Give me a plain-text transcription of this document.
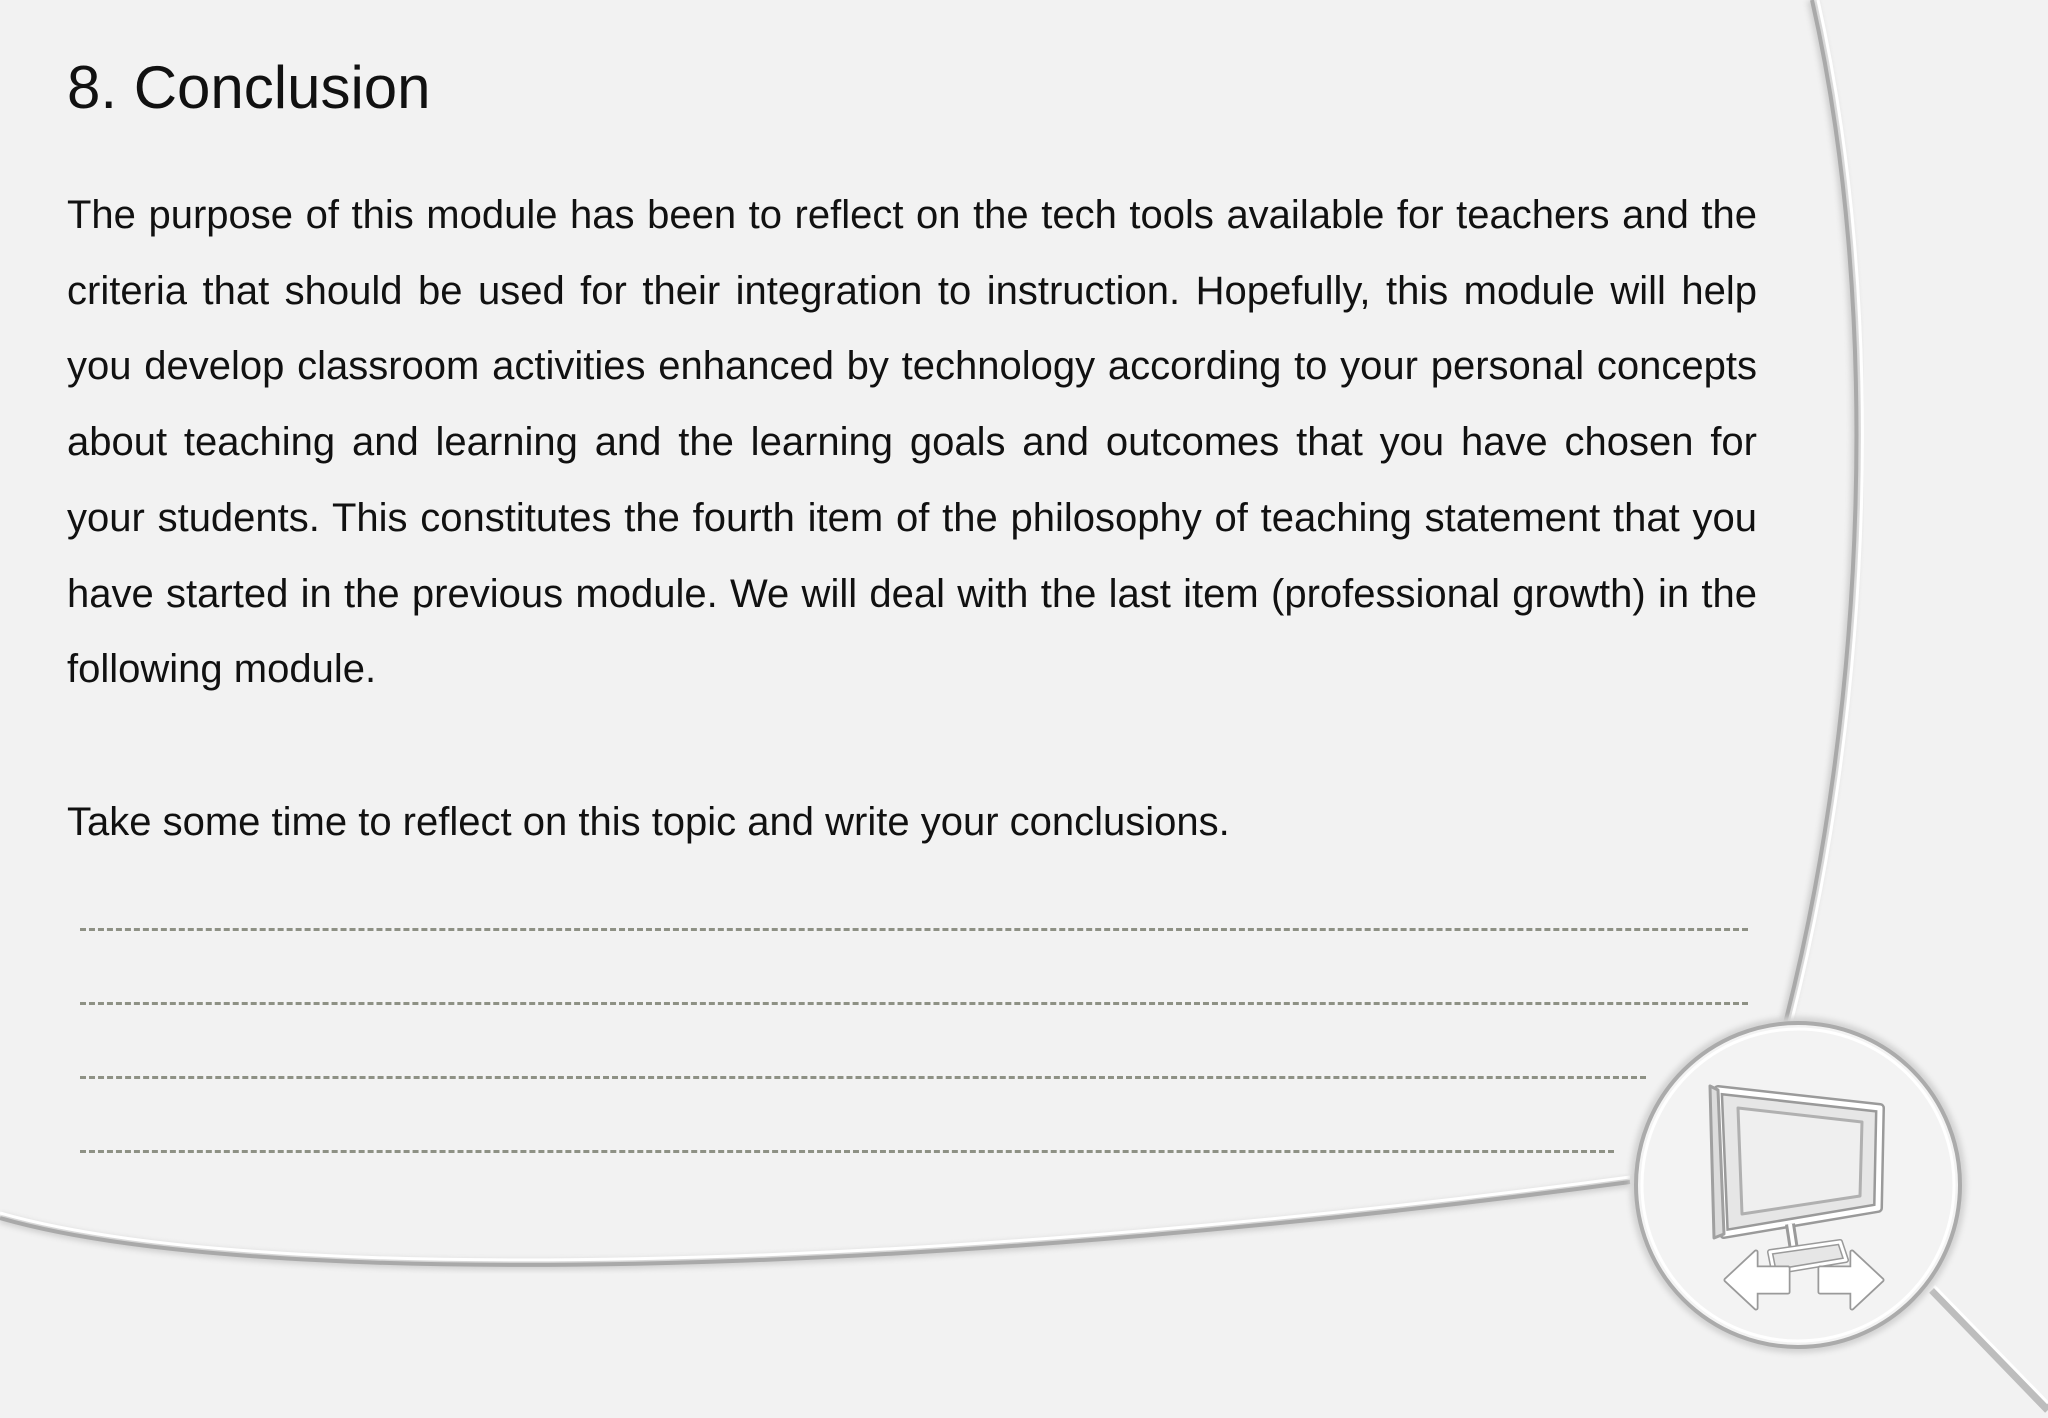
8. Conclusion

The purpose of this module has been to reflect on the tech tools available for teachers and the criteria that should be used for their integration to instruction. Hopefully, this module will help you develop classroom activities enhanced by technology according to your personal concepts about teaching and learning and the learning goals and outcomes that you have chosen for your students. This constitutes the fourth item of the philosophy of teaching statement that you have started in the previous module. We will deal with the last item (professional growth) in the following module.

Take some time to reflect on this topic and write your conclusions.
